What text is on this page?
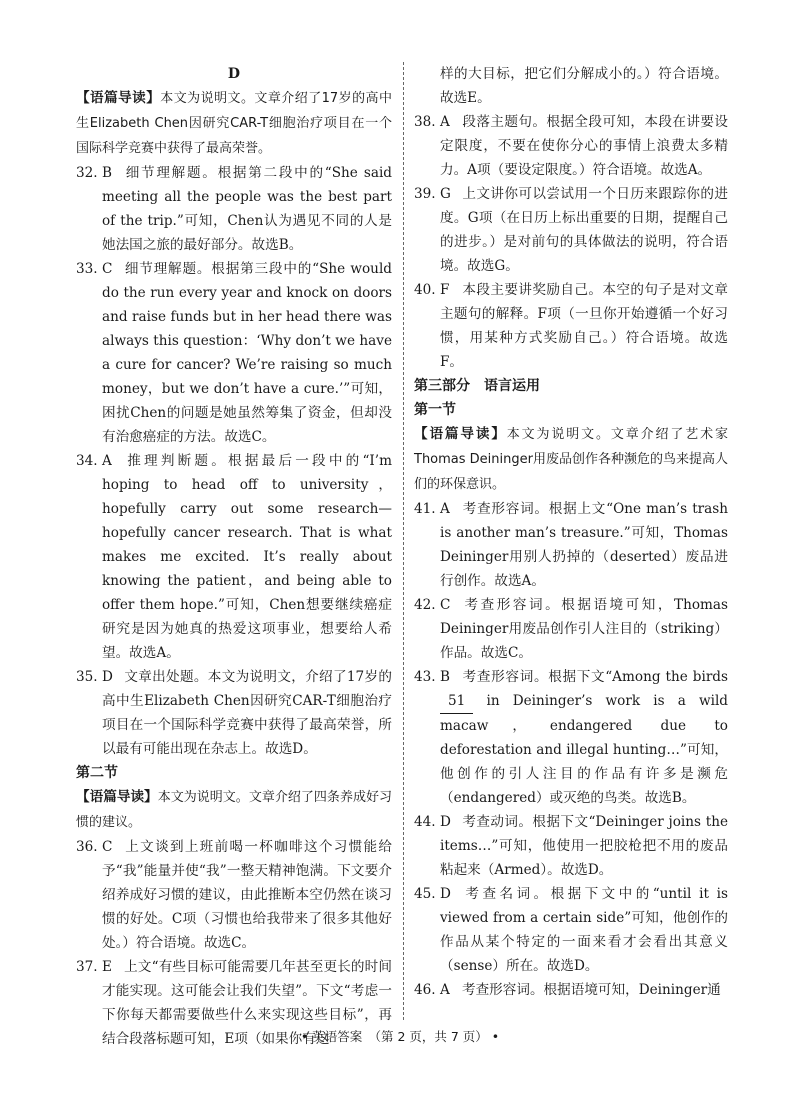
D

【语篇导读】本文为说明文。文章介绍了17岁的高中生Elizabeth Chen因研究CAR-T细胞治疗项目在一个国际科学竞赛中获得了最高荣誉。

32. B 细节理解题。根据第二段中的“She said meeting all the people was the best part of the trip.”可知，Chen认为遇见不同的人是她法国之旅的最好部分。故选B。
33. C 细节理解题。根据第三段中的“She would do the run every year and knock on doors and raise funds but in her head there was always this question：‘Why don’t we have a cure for cancer? We’re raising so much money，but we don’t have a cure.’”可知，困扰Chen的问题是她虽然筹集了资金，但却没有治愈癌症的方法。故选C。
34. A 推理判断题。根据最后一段中的“I’m hoping to head off to university，hopefully carry out some research—hopefully cancer research. That is what makes me excited. It’s really about knowing the patient，and being able to offer them hope.”可知，Chen想要继续癌症研究是因为她真的热爱这项事业，想要给人希望。故选A。
35. D 文章出处题。本文为说明文，介绍了17岁的高中生Elizabeth Chen因研究CAR-T细胞治疗项目在一个国际科学竞赛中获得了最高荣誉，所以最有可能出现在杂志上。故选D。

第二节

【语篇导读】本文为说明文。文章介绍了四条养成好习惯的建议。

36. C 上文谈到上班前喝一杯咖啡这个习惯能给予“我”能量并使“我”一整天精神饱满。下文要介绍养成好习惯的建议，由此推断本空仍然在谈习惯的好处。C项（习惯也给我带来了很多其他好处。）符合语境。故选C。
37. E 上文“有些目标可能需要几年甚至更长的时间才能实现。这可能会让我们失望”。下文“考虑一下你每天都需要做些什么来实现这些目标”，再结合段落标题可知，E项（如果你有这
样的大目标，把它们分解成小的。）符合语境。故选E。
38. A 段落主题句。根据全段可知，本段在讲要设定限度，不要在使你分心的事情上浪费太多精力。A项（要设定限度。）符合语境。故选A。
39. G 上文讲你可以尝试用一个日历来跟踪你的进度。G项（在日历上标出重要的日期，提醒自己的进步。）是对前句的具体做法的说明，符合语境。故选G。
40. F 本段主要讲奖励自己。本空的句子是对文章主题句的解释。F项（一旦你开始遵循一个好习惯，用某种方式奖励自己。）符合语境。故选F。

第三部分　语言运用

第一节

【语篇导读】本文为说明文。文章介绍了艺术家Thomas Deininger用废品创作各种濒危的鸟来提高人们的环保意识。

41. A 考查形容词。根据上文“One man’s trash is another man’s treasure.”可知，Thomas Deininger用别人扔掉的（deserted）废品进行创作。故选A。
42. C 考查形容词。根据语境可知，Thomas Deininger用废品创作引人注目的（striking）作品。故选C。
43. B 考查形容词。根据下文“Among the birds 51 in Deininger’s work is a wild macaw，endangered due to deforestation and illegal hunting…”可知，他创作的引人注目的作品有许多是濒危（endangered）或灭绝的鸟类。故选B。
44. D 考查动词。根据下文“Deininger joins the items…”可知，他使用一把胶枪把不用的废品粘起来（Armed）。故选D。
45. D 考查名词。根据下文中的“until it is viewed from a certain side”可知，他创作的作品从某个特定的一面来看才会看出其意义（sense）所在。故选D。
46. A 考查形容词。根据语境可知，Deininger通
• 英语答案　（第 2 页，共 7 页） •
